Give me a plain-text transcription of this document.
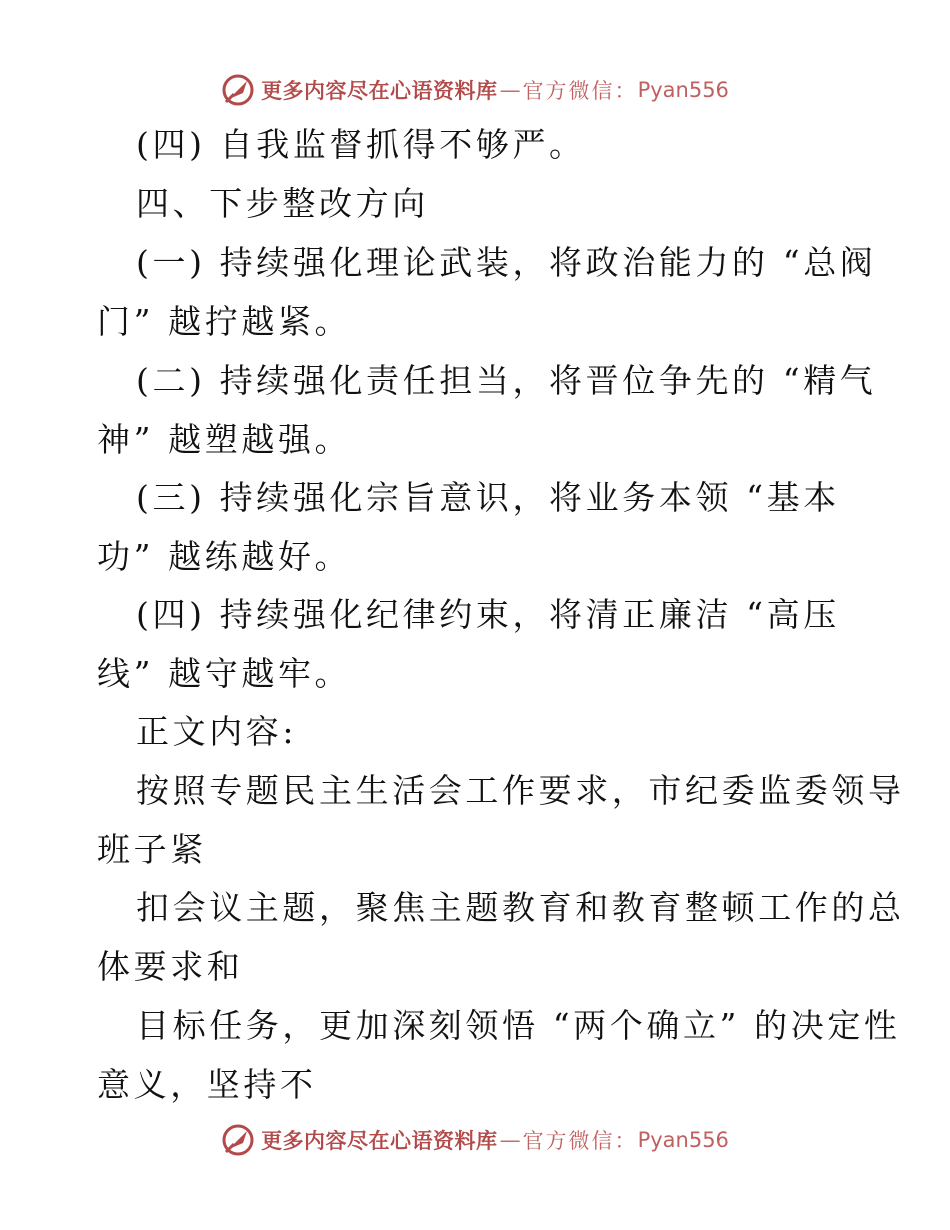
更多内容尽在心语资料库 — 官方微信： Pyan556
(四) 自我监督抓得不够严。
四、下步整改方向
(一) 持续强化理论武装，将政治能力的 “总阀
门” 越拧越紧。
(二) 持续强化责任担当，将晋位争先的 “精气
神” 越塑越强。
(三) 持续强化宗旨意识，将业务本领 “基本
功” 越练越好。
(四) 持续强化纪律约束，将清正廉洁 “高压
线” 越守越牢。
正文内容:
按照专题民主生活会工作要求，市纪委监委领导
班子紧
扣会议主题，聚焦主题教育和教育整顿工作的总
体要求和
目标任务，更加深刻领悟 “两个确立” 的决定性
意义，坚持不
更多内容尽在心语资料库 — 官方微信： Pyan556
